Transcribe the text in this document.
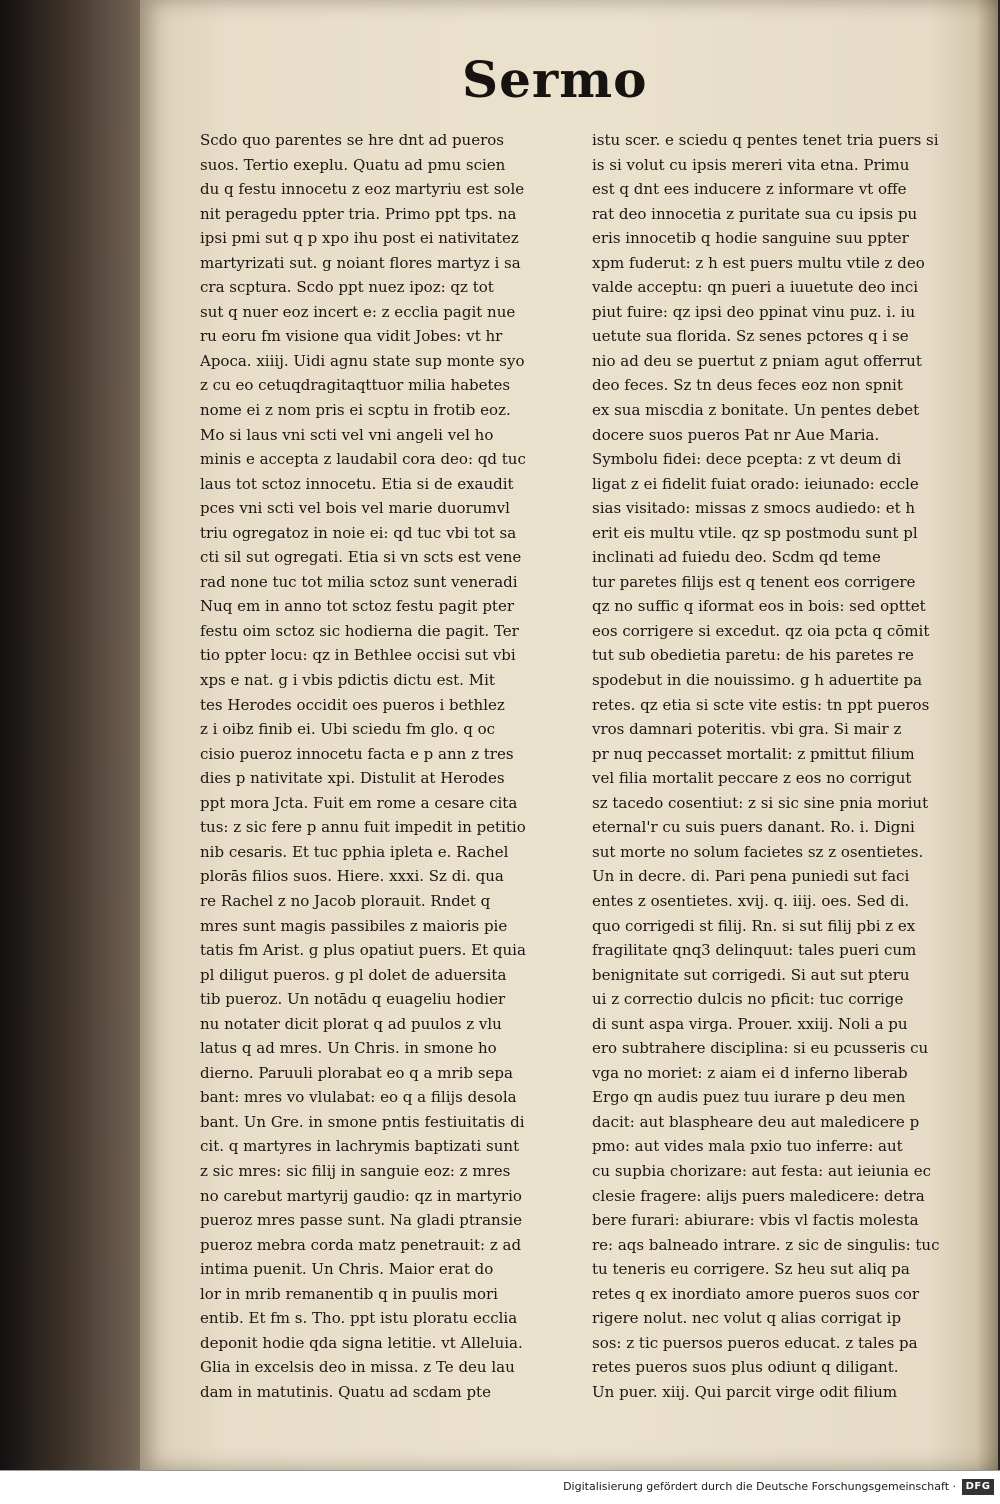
Sermo
Scdo quo parentes se hre dnt ad pueros
suos. Tertio exeplu. Quatu ad pmu scien
du q festu innocetu z eoz martyriu est sole
nit peragedu ppter tria. Primo ppt tps. na
ipsi pmi sut q p xpo ihu post ei nativitatez
martyrizati sut. g noiant flores martyz i sa
cra scptura. Scdo ppt nuez ipoz: qz tot
sut q nuer eoz incert e: z ecclia pagit nue
ru eoru fm visione qua vidit Jobes: vt hr
Apoca. xiiij. Uidi agnu state sup monte syo
z cu eo cetuqdragitaqttuor milia habetes
nome ei z nom pris ei scptu in frotib eoz.
Mo si laus vni scti vel vni angeli vel ho
minis e accepta z laudabil cora deo: qd tuc
laus tot sctoz innocetu. Etia si de exaudit
pces vni scti vel bois vel marie duorumvl
triu ogregatoz in noie ei: qd tuc vbi tot sa
cti sil sut ogregati. Etia si vn scts est vene
rad none tuc tot milia sctoz sunt veneradi
Nuq em in anno tot sctoz festu pagit pter
festu oim sctoz sic hodierna die pagit. Ter
tio ppter locu: qz in Bethlee occisi sut vbi
xps e nat. g i vbis pdictis dictu est. Mit
tes Herodes occidit oes pueros i bethlez
z i oibz finib ei. Ubi sciedu fm glo. q oc
cisio pueroz innocetu facta e p ann z tres
dies p nativitate xpi. Distulit at Herodes
ppt mora Jcta. Fuit em rome a cesare cita
tus: z sic fere p annu fuit impedit in petitio
nib cesaris. Et tuc pphia ipleta e. Rachel
plorās filios suos. Hiere. xxxi. Sz di. qua
re Rachel z no Jacob plorauit. Rndet q
mres sunt magis passibiles z maioris pie
tatis fm Arist. g plus opatiut puers. Et quia
pl diligut pueros. g pl dolet de aduersita
tib pueroz. Un notādu q euageliu hodier
nu notater dicit plorat q ad puulos z vlu
latus q ad mres. Un Chris. in smone ho
dierno. Paruuli plorabat eo q a mrib sepa
bant: mres vo vlulabat: eo q a filijs desola
bant. Un Gre. in smone pntis festiuitatis di
cit. q martyres in lachrymis baptizati sunt
z sic mres: sic filij in sanguie eoz: z mres
no carebut martyrij gaudio: qz in martyrio
pueroz mres passe sunt. Na gladi ptransie
pueroz mebra corda matz penetrauit: z ad
intima puenit. Un Chris. Maior erat do
lor in mrib remanentib q in puulis mori
entib. Et fm s. Tho. ppt istu ploratu ecclia
deponit hodie qda signa letitie. vt Alleluia.
Glia in excelsis deo in missa. z Te deu lau
dam in matutinis. Quatu ad scdam pte
istu scer. e sciedu q pentes tenet tria puers si
is si volut cu ipsis mereri vita etna. Primu
est q dnt ees inducere z informare vt offe
rat deo innocetia z puritate sua cu ipsis pu
eris innocetib q hodie sanguine suu ppter
xpm fuderut: z h est puers multu vtile z deo
valde acceptu: qn pueri a iuuetute deo inci
piut fuire: qz ipsi deo ppinat vinu puz. i. iu
uetute sua florida. Sz senes pctores q i se
nio ad deu se puertut z pniam agut offerrut
deo feces. Sz tn deus feces eoz non spnit
ex sua miscdia z bonitate. Un pentes debet
docere suos pueros Pat nr Aue Maria.
Symbolu fidei: dece pcepta: z vt deum di
ligat z ei fidelit fuiat orado: ieiunado: eccle
sias visitado: missas z smocs audiedo: et h
erit eis multu vtile. qz sp postmodu sunt pl
inclinati ad fuiedu deo. Scdm qd teme
tur paretes filijs est q tenent eos corrigere
qz no suffic q iformat eos in bois: sed opttet
eos corrigere si excedut. qz oia pcta q cōmit
tut sub obedietia paretu: de his paretes re
spodebut in die nouissimo. g h aduertite pa
retes. qz etia si scte vite estis: tn ppt pueros
vros damnari poteritis. vbi gra. Si mair z
pr nuq peccasset mortalit: z pmittut filium
vel filia mortalit peccare z eos no corrigut
sz tacedo cosentiut: z si sic sine pnia moriut
eternal'r cu suis puers danant. Ro. i. Digni
sut morte no solum facietes sz z osentietes.
Un in decre. di. Pari pena puniedi sut faci
entes z osentietes. xvij. q. iiij. oes. Sed di.
quo corrigedi st filij. Rn. si sut filij pbi z ex
fragilitate qnq3 delinquut: tales pueri cum
benignitate sut corrigedi. Si aut sut pteru
ui z correctio dulcis no pficit: tuc corrige
di sunt aspa virga. Prouer. xxiij. Noli a pu
ero subtrahere disciplina: si eu pcusseris cu
vga no moriet: z aiam ei d inferno liberab
Ergo qn audis puez tuu iurare p deu men
dacit: aut blaspheare deu aut maledicere p
pmo: aut vides mala pxio tuo inferre: aut
cu supbia chorizare: aut festa: aut ieiunia ec
clesie fragere: alijs puers maledicere: detra
bere furari: abiurare: vbis vl factis molesta
re: aqs balneado intrare. z sic de singulis: tuc
tu teneris eu corrigere. Sz heu sut aliq pa
retes q ex inordiato amore pueros suos cor
rigere nolut. nec volut q alias corrigat ip
sos: z tic puersos pueros educat. z tales pa
retes pueros suos plus odiunt q diligant.
Un puer. xiij. Qui parcit virge odit filium
Digitalisierung gefördert durch die Deutsche Forschungsgemeinschaft · DFG
